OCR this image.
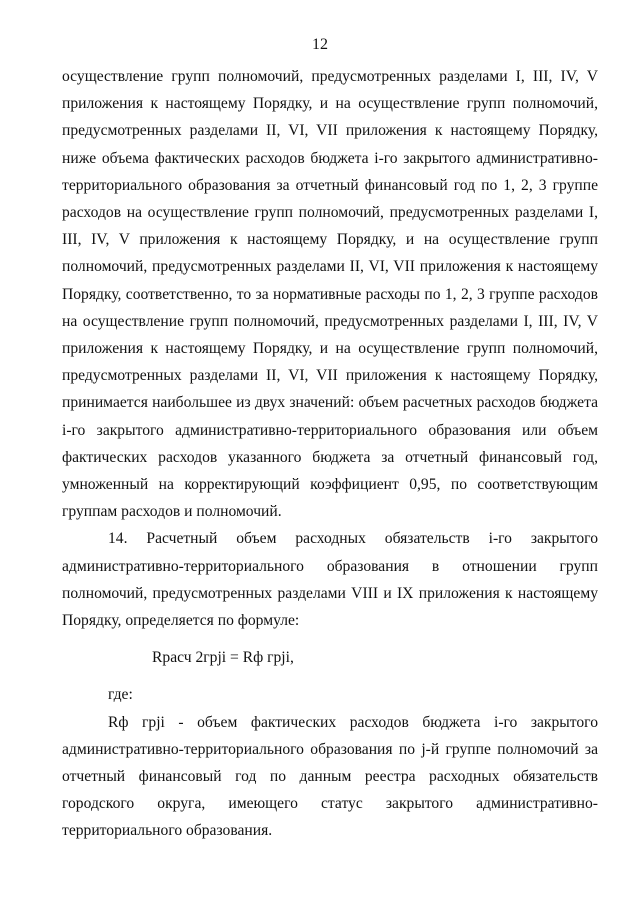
12

осуществление групп полномочий, предусмотренных разделами I, III, IV, V приложения к настоящему Порядку, и на осуществление групп полномочий, предусмотренных разделами II, VI, VII приложения к настоящему Порядку, ниже объема фактических расходов бюджета i-го закрытого административно-территориального образования за отчетный финансовый год по 1, 2, 3 группе расходов на осуществление групп полномочий, предусмотренных разделами I, III, IV, V приложения к настоящему Порядку, и на осуществление групп полномочий, предусмотренных разделами II, VI, VII приложения к настоящему Порядку, соответственно, то за нормативные расходы по 1, 2, 3 группе расходов на осуществление групп полномочий, предусмотренных разделами I, III, IV, V приложения к настоящему Порядку, и на осуществление групп полномочий, предусмотренных разделами II, VI, VII приложения к настоящему Порядку, принимается наибольшее из двух значений: объем расчетных расходов бюджета i-го закрытого административно-территориального образования или объем фактических расходов указанного бюджета за отчетный финансовый год, умноженный на корректирующий коэффициент 0,95, по соответствующим группам расходов и полномочий.

14. Расчетный объем расходных обязательств i-го закрытого административно-территориального образования в отношении групп полномочий, предусмотренных разделами VIII и IX приложения к настоящему Порядку, определяется по формуле:

Rрасч 2грji = Rф грji,

где:

Rф грji - объем фактических расходов бюджета i-го закрытого административно-территориального образования по j-й группе полномочий за отчетный финансовый год по данным реестра расходных обязательств городского округа, имеющего статус закрытого административно-территориального образования.
